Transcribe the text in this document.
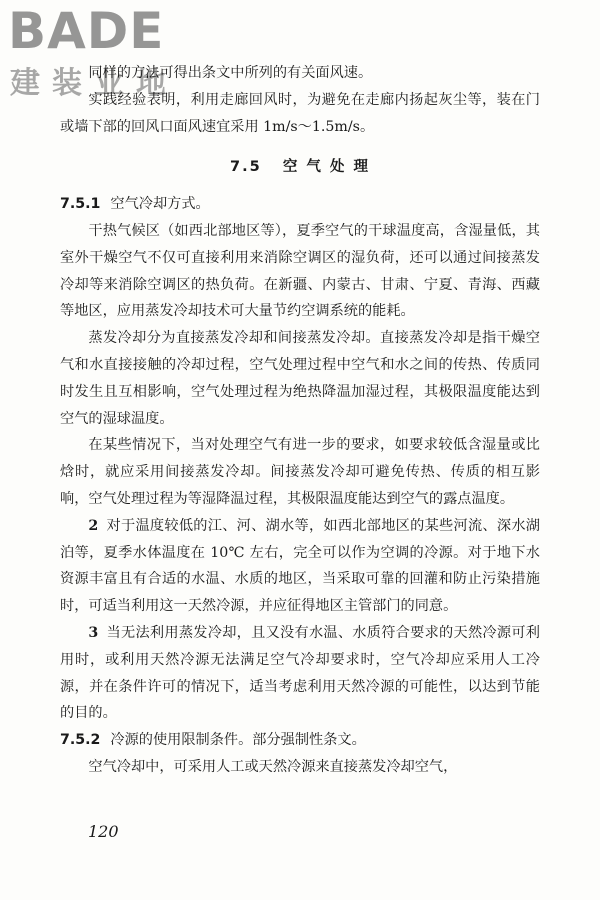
BADE
建装业地

同样的方法可得出条文中所列的有关面风速。

实践经验表明，利用走廊回风时，为避免在走廊内扬起灰尘等，装在门或墙下部的回风口面风速宜采用 1m/s～1.5m/s。

7.5 空 气 处 理

7.5.1 空气冷却方式。

干热气候区（如西北部地区等），夏季空气的干球温度高，含湿量低，其室外干燥空气不仅可直接利用来消除空调区的湿负荷，还可以通过间接蒸发冷却等来消除空调区的热负荷。在新疆、内蒙古、甘肃、宁夏、青海、西藏等地区，应用蒸发冷却技术可大量节约空调系统的能耗。

蒸发冷却分为直接蒸发冷却和间接蒸发冷却。直接蒸发冷却是指干燥空气和水直接接触的冷却过程，空气处理过程中空气和水之间的传热、传质同时发生且互相影响，空气处理过程为绝热降温加湿过程，其极限温度能达到空气的湿球温度。

在某些情况下，当对处理空气有进一步的要求，如要求较低含湿量或比焓时，就应采用间接蒸发冷却。间接蒸发冷却可避免传热、传质的相互影响，空气处理过程为等湿降温过程，其极限温度能达到空气的露点温度。

2 对于温度较低的江、河、湖水等，如西北部地区的某些河流、深水湖泊等，夏季水体温度在 10℃ 左右，完全可以作为空调的冷源。对于地下水资源丰富且有合适的水温、水质的地区，当采取可靠的回灌和防止污染措施时，可适当利用这一天然冷源，并应征得地区主管部门的同意。

3 当无法利用蒸发冷却，且又没有水温、水质符合要求的天然冷源可利用时，或利用天然冷源无法满足空气冷却要求时，空气冷却应采用人工冷源，并在条件许可的情况下，适当考虑利用天然冷源的可能性，以达到节能的目的。

7.5.2 冷源的使用限制条件。部分强制性条文。

空气冷却中，可采用人工或天然冷源来直接蒸发冷却空气，

120
